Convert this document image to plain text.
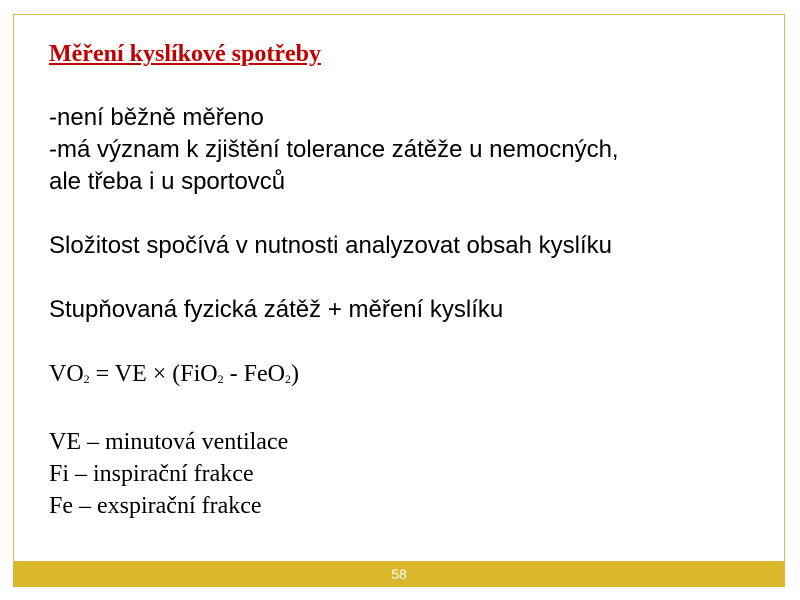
Měření kyslíkové spotřeby
-není běžně měřeno
-má význam k zjištění tolerance zátěže u nemocných,
ale třeba i u sportovců
Složitost spočívá v nutnosti analyzovat obsah kyslíku
Stupňovaná fyzická zátěž + měření kyslíku
$VO_2$ = VE × (FiO$_2$ - FeO$_2$)
VE – minutová ventilace
Fi – inspirační frakce
Fe – exspirační frakce
58
